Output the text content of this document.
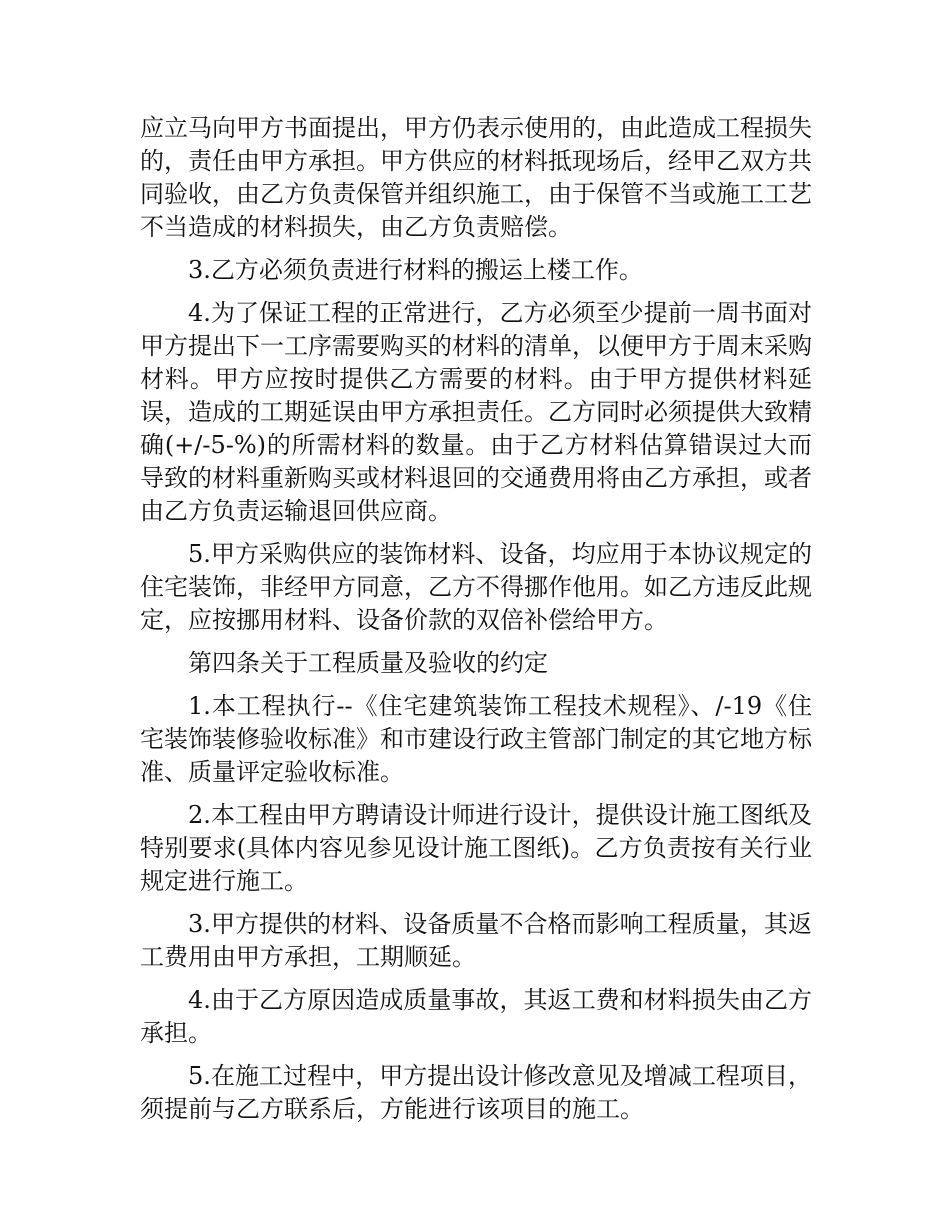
应立马向甲方书面提出，甲方仍表示使用的，由此造成工程损失的，责任由甲方承担。甲方供应的材料抵现场后，经甲乙双方共同验收，由乙方负责保管并组织施工，由于保管不当或施工工艺不当造成的材料损失，由乙方负责赔偿。

3.乙方必须负责进行材料的搬运上楼工作。

4.为了保证工程的正常进行，乙方必须至少提前一周书面对甲方提出下一工序需要购买的材料的清单，以便甲方于周末采购材料。甲方应按时提供乙方需要的材料。由于甲方提供材料延误，造成的工期延误由甲方承担责任。乙方同时必须提供大致精确(+/-5-%)的所需材料的数量。由于乙方材料估算错误过大而导致的材料重新购买或材料退回的交通费用将由乙方承担，或者由乙方负责运输退回供应商。

5.甲方采购供应的装饰材料、设备，均应用于本协议规定的住宅装饰，非经甲方同意，乙方不得挪作他用。如乙方违反此规定，应按挪用材料、设备价款的双倍补偿给甲方。

第四条关于工程质量及验收的约定

1.本工程执行--《住宅建筑装饰工程技术规程》、/-19《住宅装饰装修验收标准》和市建设行政主管部门制定的其它地方标准、质量评定验收标准。

2.本工程由甲方聘请设计师进行设计，提供设计施工图纸及特别要求(具体内容见参见设计施工图纸)。乙方负责按有关行业规定进行施工。

3.甲方提供的材料、设备质量不合格而影响工程质量，其返工费用由甲方承担，工期顺延。

4.由于乙方原因造成质量事故，其返工费和材料损失由乙方承担。

5.在施工过程中，甲方提出设计修改意见及增减工程项目，须提前与乙方联系后，方能进行该项目的施工。
